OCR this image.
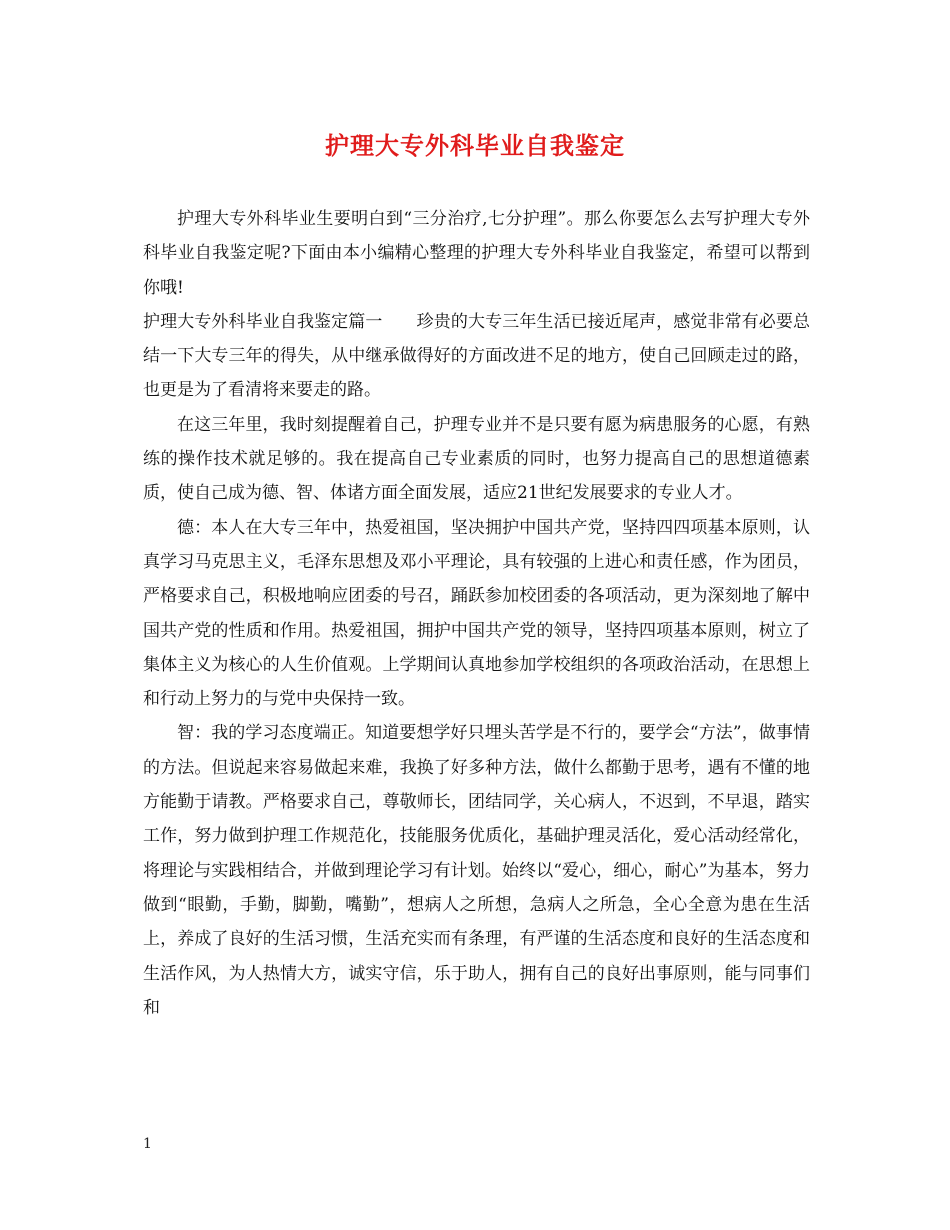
护理大专外科毕业自我鉴定

护理大专外科毕业生要明白到“三分治疗,七分护理”。那么你要怎么去写护理大专外科毕业自我鉴定呢?下面由本小编精心整理的护理大专外科毕业自我鉴定，希望可以帮到你哦!

护理大专外科毕业自我鉴定篇一　　珍贵的大专三年生活已接近尾声，感觉非常有必要总结一下大专三年的得失，从中继承做得好的方面改进不足的地方，使自己回顾走过的路，也更是为了看清将来要走的路。

在这三年里，我时刻提醒着自己，护理专业并不是只要有愿为病患服务的心愿，有熟练的操作技术就足够的。我在提高自己专业素质的同时，也努力提高自己的思想道德素质，使自己成为德、智、体诸方面全面发展，适应21世纪发展要求的专业人才。

德：本人在大专三年中，热爱祖国，坚决拥护中国共产党，坚持四四项基本原则，认真学习马克思主义，毛泽东思想及邓小平理论，具有较强的上进心和责任感，作为团员，严格要求自己，积极地响应团委的号召，踊跃参加校团委的各项活动，更为深刻地了解中国共产党的性质和作用。热爱祖国，拥护中国共产党的领导，坚持四项基本原则，树立了集体主义为核心的人生价值观。上学期间认真地参加学校组织的各项政治活动，在思想上和行动上努力的与党中央保持一致。

智：我的学习态度端正。知道要想学好只埋头苦学是不行的，要学会“方法”，做事情的方法。但说起来容易做起来难，我换了好多种方法，做什么都勤于思考，遇有不懂的地方能勤于请教。严格要求自己，尊敬师长，团结同学，关心病人，不迟到，不早退，踏实工作，努力做到护理工作规范化，技能服务优质化，基础护理灵活化，爱心活动经常化，将理论与实践相结合，并做到理论学习有计划。始终以“爱心，细心，耐心”为基本，努力做到“眼勤，手勤，脚勤，嘴勤”，想病人之所想，急病人之所急，全心全意为患在生活上，养成了良好的生活习惯，生活充实而有条理，有严谨的生活态度和良好的生活态度和生活作风，为人热情大方，诚实守信，乐于助人，拥有自己的良好出事原则，能与同事们和

1
